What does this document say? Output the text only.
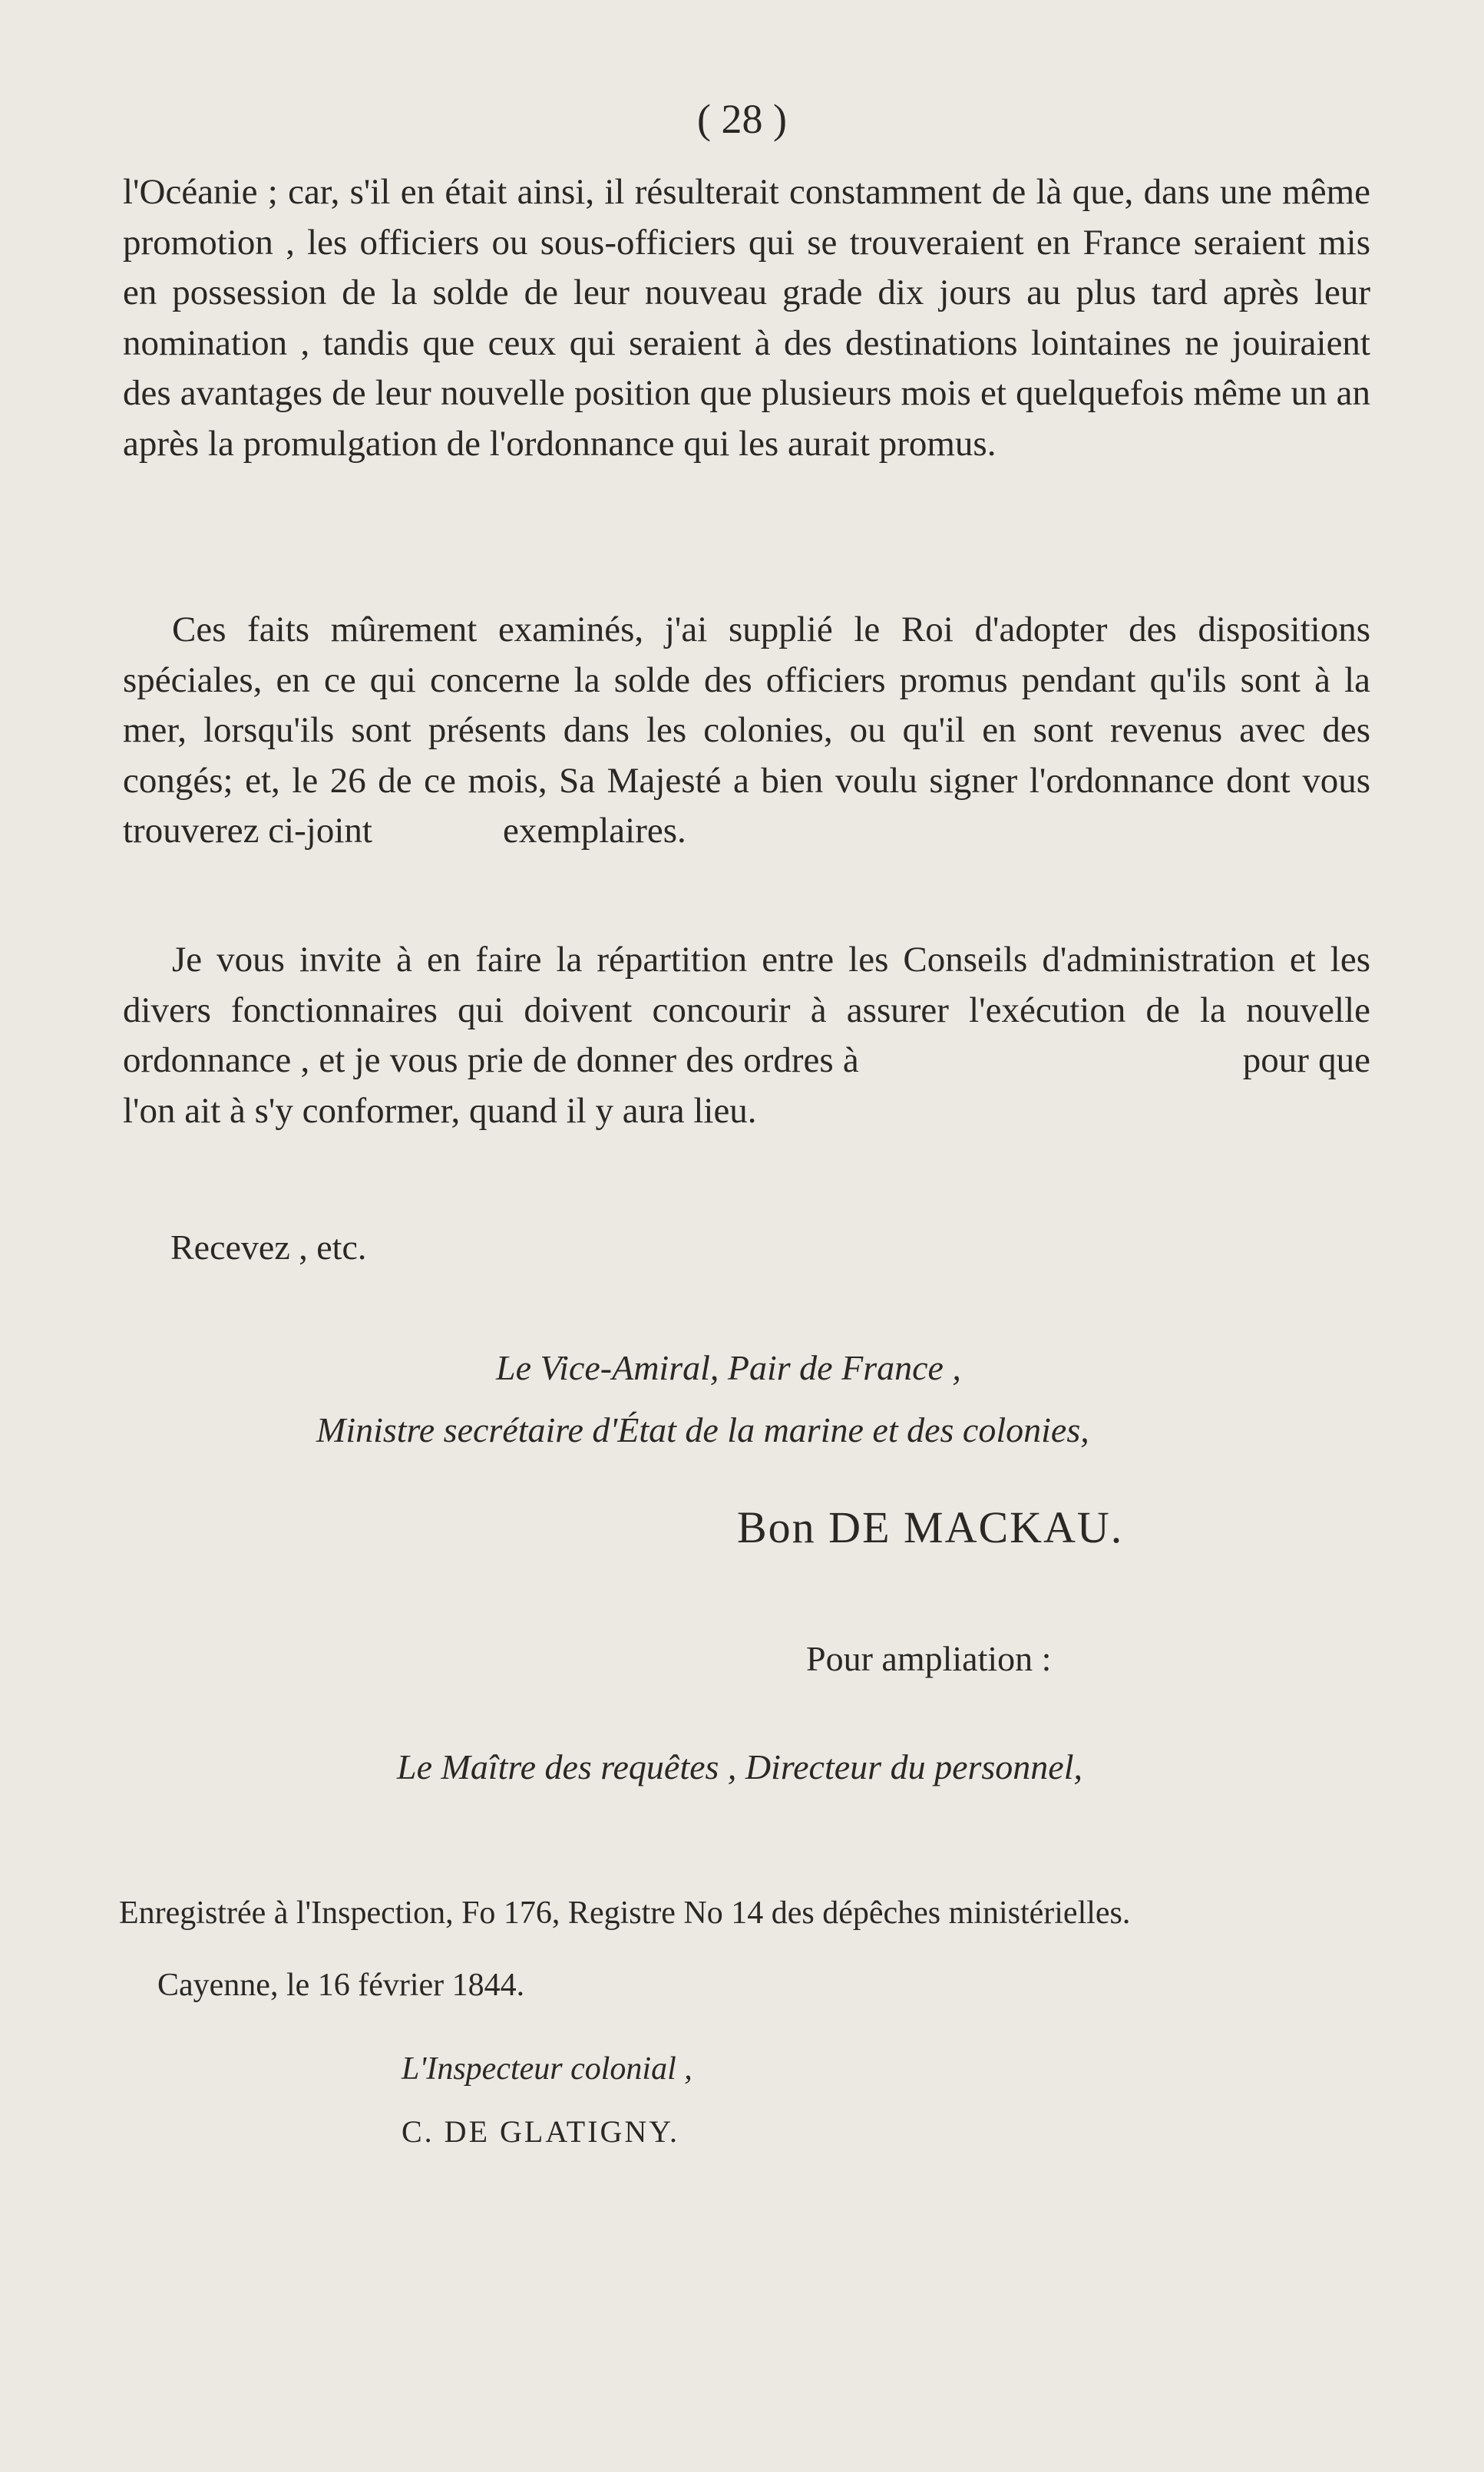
( 28 )

l'Océanie ; car, s'il en était ainsi, il résulterait constamment de là que, dans une même promotion , les officiers ou sous-officiers qui se trouveraient en France seraient mis en possession de la solde de leur nouveau grade dix jours au plus tard après leur nomination , tandis que ceux qui seraient à des destinations lointaines ne jouiraient des avantages de leur nouvelle position que plusieurs mois et quelquefois même un an après la promulgation de l'ordonnance qui les aurait promus.

Ces faits mûrement examinés, j'ai supplié le Roi d'adopter des dispositions spéciales, en ce qui concerne la solde des officiers promus pendant qu'ils sont à la mer, lorsqu'ils sont présents dans les colonies, ou qu'il en sont revenus avec des congés; et, le 26 de ce mois, Sa Majesté a bien voulu signer l'ordonnance dont vous trouverez ci-joint	exemplaires.

Je vous invite à en faire la répartition entre les Conseils d'administration et les divers fonctionnaires qui doivent concourir à assurer l'exécution de la nouvelle ordonnance , et je vous prie de donner des ordres à	pour que l'on ait à s'y conformer, quand il y aura lieu.

Recevez , etc.

Le Vice-Amiral, Pair de France ,

Ministre secrétaire d'État de la marine et des colonies,

Bon DE MACKAU.

Pour ampliation :

Le Maître des requêtes , Directeur du personnel,

Enregistrée à l'Inspection, Fo 176, Registre No 14 des dépêches ministérielles.

Cayenne, le 16 février 1844.

L'Inspecteur colonial ,

C. DE GLATIGNY.
